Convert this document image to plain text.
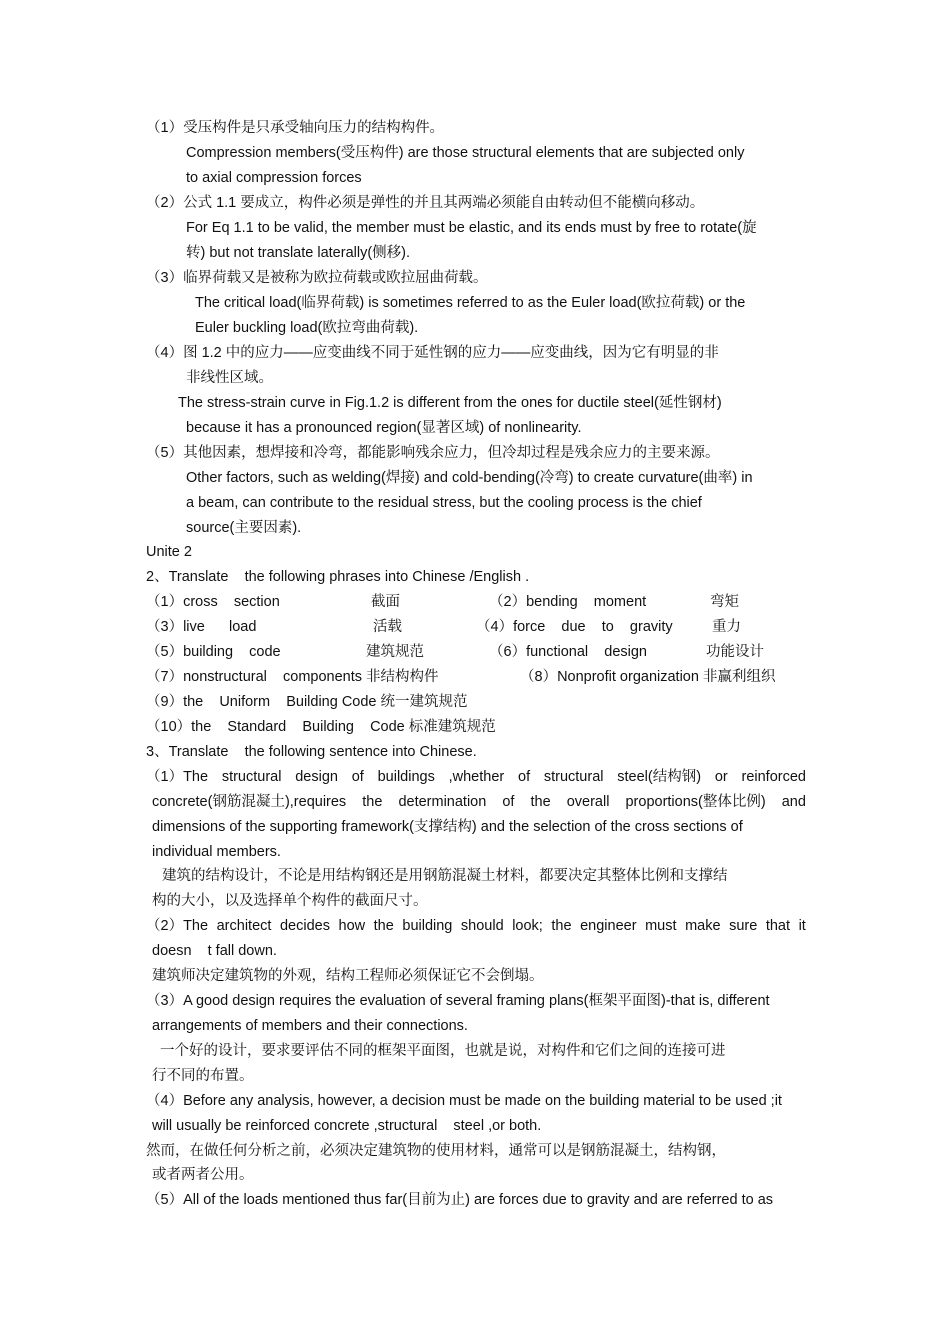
（1）受压构件是只承受轴向压力的结构构件。
Compression members(受压构件) are those structural elements that are subjected only
to axial compression forces
（2）公式 1.1 要成立，构件必须是弹性的并且其两端必须能自由转动但不能横向移动。
For Eq 1.1 to be valid, the member must be elastic, and its ends must by free to rotate(旋
转) but not translate laterally(侧移).
（3）临界荷载又是被称为欧拉荷载或欧拉屈曲荷载。
The critical load(临界荷载) is sometimes referred to as the Euler load(欧拉荷载) or the
Euler buckling load(欧拉弯曲荷载).
（4）图 1.2 中的应力——应变曲线不同于延性钢的应力——应变曲线，因为它有明显的非
非线性区域。
The stress-strain curve in Fig.1.2 is different from the ones for ductile steel(延性钢材)
because it has a pronounced region(显著区域) of nonlinearity.
（5）其他因素，想焊接和冷弯，都能影响残余应力，但冷却过程是残余应力的主要来源。
Other factors, such as welding(焊接) and cold-bending(冷弯) to create curvature(曲率) in
a beam, can contribute to the residual stress, but the cooling process is the chief
source(主要因素).
Unite 2
2、Translate    the following phrases into Chinese /English .
（1）cross    section	截面	（2）bending    moment	弯矩
（3）live      load	活载	（4）force    due    to    gravity	重力
（5）building    code	建筑规范	（6）functional    design	功能设计
（7）nonstructural    components 非结构构件	（8）Nonprofit organization 非赢利组织
（9）the    Uniform    Building Code 统一建筑规范
（10）the    Standard    Building    Code 标准建筑规范
3、Translate    the following sentence into Chinese.
（1）The structural design of buildings ,whether of structural steel(结构钢) or reinforced
concrete(钢筋混凝土),requires the determination of the overall proportions(整体比例) and
dimensions of the supporting framework(支撑结构) and the selection of the cross sections of
individual members.
建筑的结构设计，不论是用结构钢还是用钢筋混凝土材料，都要决定其整体比例和支撑结
构的大小，以及选择单个构件的截面尺寸。
（2）The architect decides how the building should look; the engineer must make sure that it
doesn    t fall down.
建筑师决定建筑物的外观，结构工程师必须保证它不会倒塌。
（3）A good design requires the evaluation of several framing plans(框架平面图)-that is, different
arrangements of members and their connections.
一个好的设计，要求要评估不同的框架平面图，也就是说，对构件和它们之间的连接可进
行不同的布置。
（4）Before any analysis, however, a decision must be made on the building material to be used ;it
will usually be reinforced concrete ,structural    steel ,or both.
然而，在做任何分析之前，必须决定建筑物的使用材料，通常可以是钢筋混凝土，结构钢，
或者两者公用。
（5）All of the loads mentioned thus far(目前为止) are forces due to gravity and are referred to as
